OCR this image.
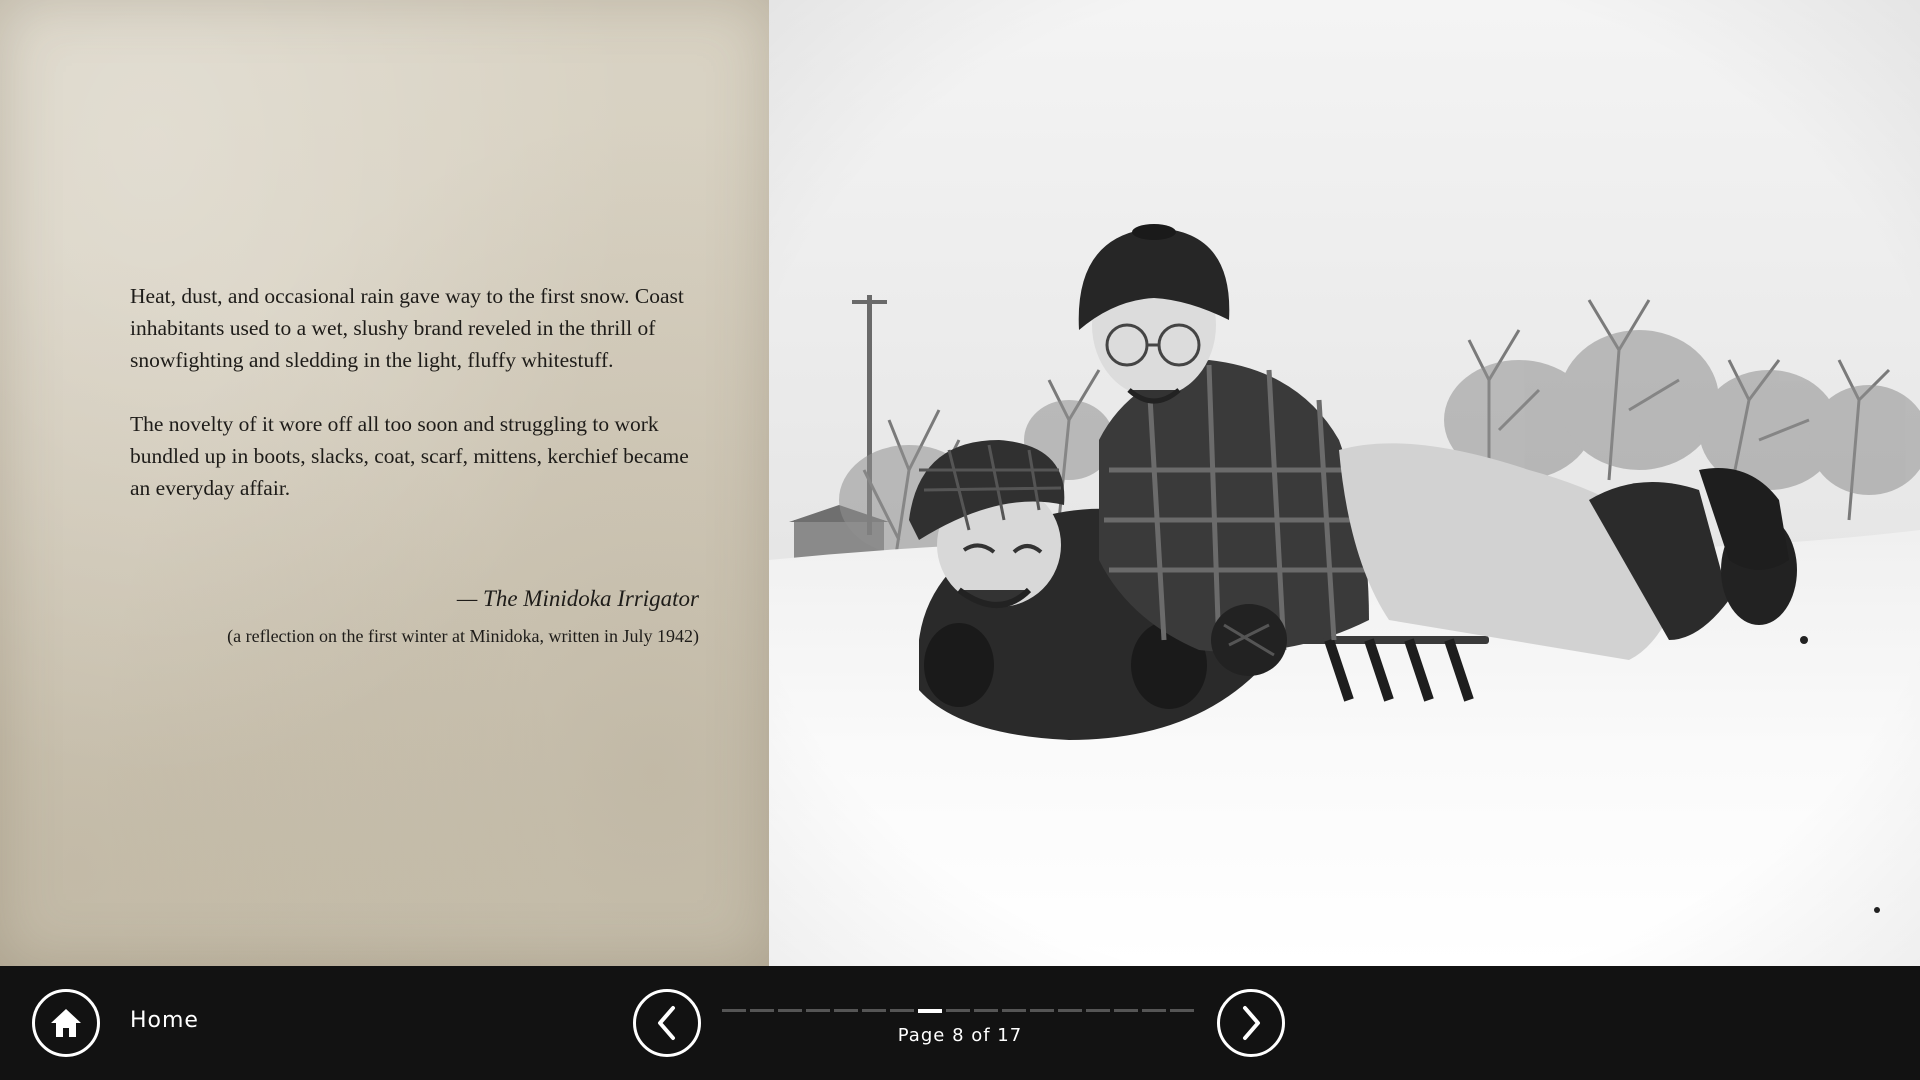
Heat, dust, and occasional rain gave way to the first snow. Coast inhabitants used to a wet, slushy brand reveled in the thrill of snowfighting and sledding in the light, fluffy whitestuff.

The novelty of it wore off all too soon and struggling to work bundled up in boots, slacks, coat, scarf, mittens, kerchief became an everyday affair.

— The Minidoka Irrigator
(a reflection on the first winter at Minidoka, written in July 1942)
Home
Page 8 of 17
